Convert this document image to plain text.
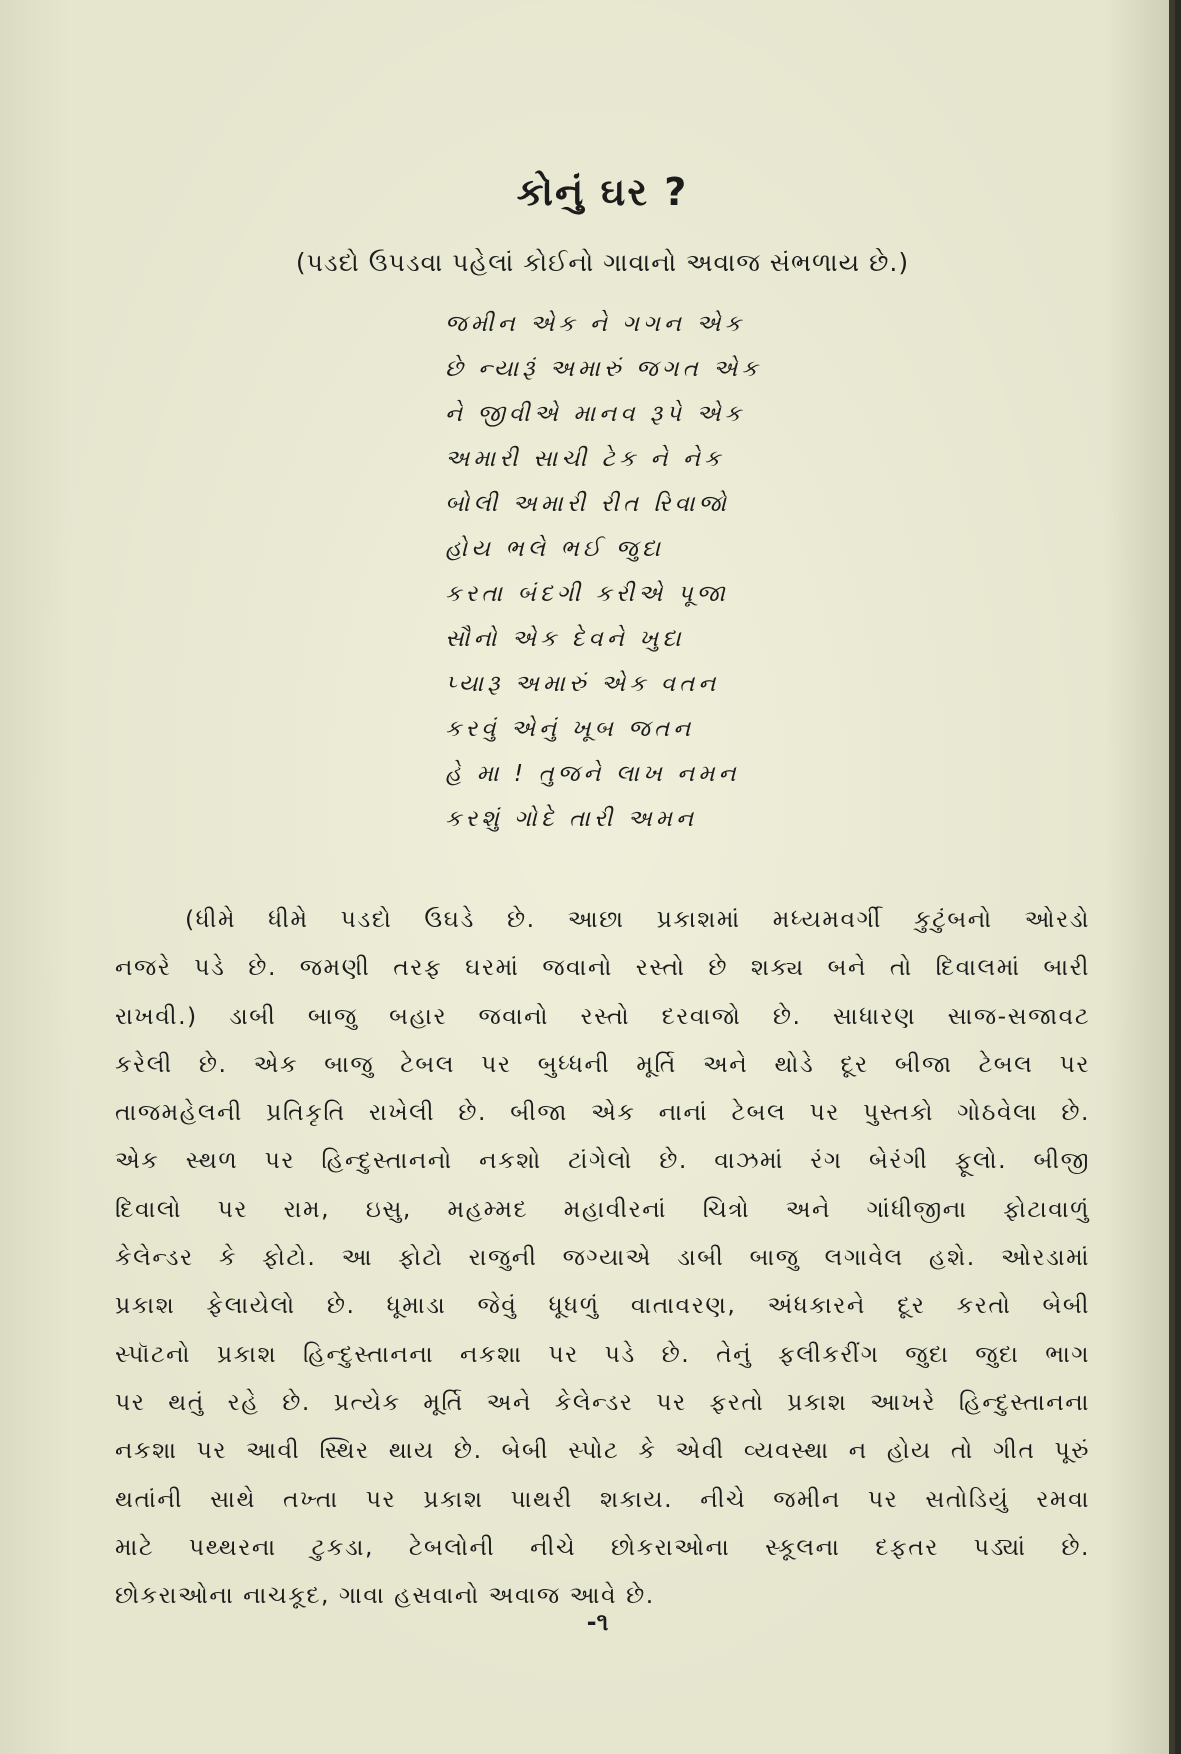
કોનું ઘર ?
(પડદો ઉપડવા પહેલાં કોઈનો ગાવાનો અવાજ સંભળાય છે.)
જમીન એક ને ગગન એક
છે ન્યારૂં અમારું જગત એક
ને જીવીએ માનવ રૂપે એક
અમારી સાચી ટેક ને નેક
બોલી અમારી રીત રિવાજો
હોય ભલે ભઈ જુદા
કરતા બંદગી કરીએ પૂજા
સૌનો એક દેવને ખુદા
પ્યારૂ અમારું એક વતન
કરવું એનું ખૂબ જતન
હે મા ! તુજને લાખ નમન
કરશું ગોદે તારી અમન
(ધીમે ધીમે પડદો ઉઘડે છે. આછા પ્રકાશમાં મધ્યમવર્ગી કુટુંબનો ઓરડો
નજરે પડે છે. જમણી તરફ ઘરમાં જવાનો રસ્તો છે શક્ય બને તો દિવાલમાં બારી
રાખવી.) ડાબી બાજુ બહાર જવાનો રસ્તો દરવાજો છે. સાધારણ સાજ-સજાવટ
કરેલી છે. એક બાજુ ટેબલ પર બુધ્ધની મૂર્તિ અને થોડે દૂર બીજા ટેબલ પર
તાજમહેલની પ્રતિકૃતિ રાખેલી છે. બીજા એક નાનાં ટેબલ પર પુસ્તકો ગોઠવેલા છે.
એક સ્થળ પર હિન્દુસ્તાનનો નકશો ટાંગેલો છે. વાઝમાં રંગ બેરંગી ફૂલો. બીજી
દિવાલો પર રામ, ઇસુ, મહમ્મદ મહાવીરનાં ચિત્રો અને ગાંધીજીના ફોટાવાળું
કેલેન્ડર કે ફોટો. આ ફોટો રાજુની જગ્યાએ ડાબી બાજુ લગાવેલ હશે. ઓરડામાં
પ્રકાશ ફેલાયેલો છે. ધૂમાડા જેવું ધૂધળું વાતાવરણ, અંધકારને દૂર કરતો બેબી
સ્પૉટનો પ્રકાશ હિન્દુસ્તાનના નકશા પર પડે છે. તેનું ફલીકરીંગ જુદા જુદા ભાગ
પર થતું રહે છે. પ્રત્યેક મૂર્તિ અને કેલેન્ડર પર ફરતો પ્રકાશ આખરે હિન્દુસ્તાનના
નકશા પર આવી સ્થિર થાય છે. બેબી સ્પોટ કે એવી વ્યવસ્થા ન હોય તો ગીત પૂરું
થતાંની સાથે તખ્તા પર પ્રકાશ પાથરી શકાય. નીચે જમીન પર સતોડિયું રમવા
માટે પથ્થરના ટુકડા, ટેબલોની નીચે છોકરાઓના સ્કૂલના દફતર પડ્યાં છે.
છોકરાઓના નાચકૂદ, ગાવા હસવાનો અવાજ આવે છે.
-૧
